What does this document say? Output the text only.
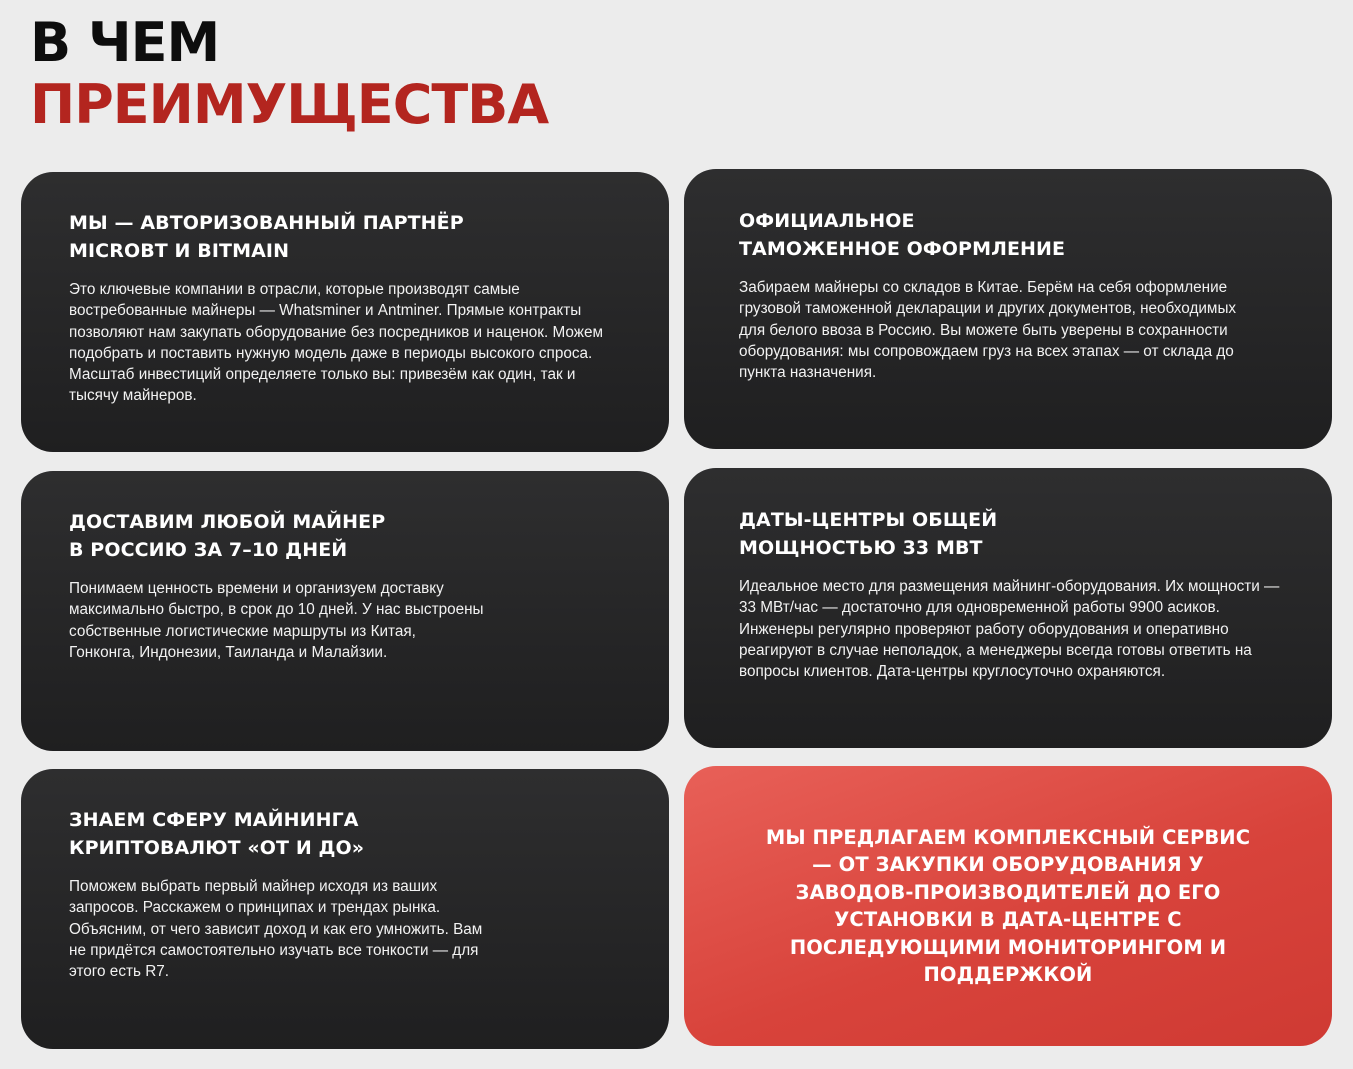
В ЧЕМ
ПРЕИМУЩЕСТВА
МЫ — АВТОРИЗОВАННЫЙ ПАРТНЁР
MICROBT И BITMAIN

Это ключевые компании в отрасли, которые производят самые востребованные майнеры — Whatsminer и Antminer. Прямые контракты позволяют нам закупать оборудование без посредников и наценок. Можем подобрать и поставить нужную модель даже в периоды высокого спроса. Масштаб инвестиций определяете только вы: привезём как один, так и тысячу майнеров.

ОФИЦИАЛЬНОЕ
ТАМОЖЕННОЕ ОФОРМЛЕНИЕ

Забираем майнеры со складов в Китае. Берём на себя оформление грузовой таможенной декларации и других документов, необходимых для белого ввоза в Россию. Вы можете быть уверены в сохранности оборудования: мы сопровождаем груз на всех этапах — от склада до пункта назначения.

ДОСТАВИМ ЛЮБОЙ МАЙНЕР
В РОССИЮ ЗА 7–10 ДНЕЙ

Понимаем ценность времени и организуем доставку максимально быстро, в срок до 10 дней. У нас выстроены собственные логистические маршруты из Китая, Гонконга, Индонезии, Таиланда и Малайзии.

ДАТЫ-ЦЕНТРЫ ОБЩЕЙ
МОЩНОСТЬЮ 33 МВТ

Идеальное место для размещения майнинг-оборудования. Их мощности — 33 МВт/час — достаточно для одновременной работы 9900 асиков. Инженеры регулярно проверяют работу оборудования и оперативно реагируют в случае неполадок, а менеджеры всегда готовы ответить на вопросы клиентов. Дата-центры круглосуточно охраняются.

ЗНАЕМ СФЕРУ МАЙНИНГА
КРИПТОВАЛЮТ «ОТ И ДО»

Поможем выбрать первый майнер исходя из ваших запросов. Расскажем о принципах и трендах рынка. Объясним, от чего зависит доход и как его умножить. Вам не придётся самостоятельно изучать все тонкости — для этого есть R7.

МЫ ПРЕДЛАГАЕМ КОМПЛЕКСНЫЙ СЕРВИС — ОТ ЗАКУПКИ ОБОРУДОВАНИЯ У ЗАВОДОВ-ПРОИЗВОДИТЕЛЕЙ ДО ЕГО УСТАНОВКИ В ДАТА-ЦЕНТРЕ С ПОСЛЕДУЮЩИМИ МОНИТОРИНГОМ И ПОДДЕРЖКОЙ
